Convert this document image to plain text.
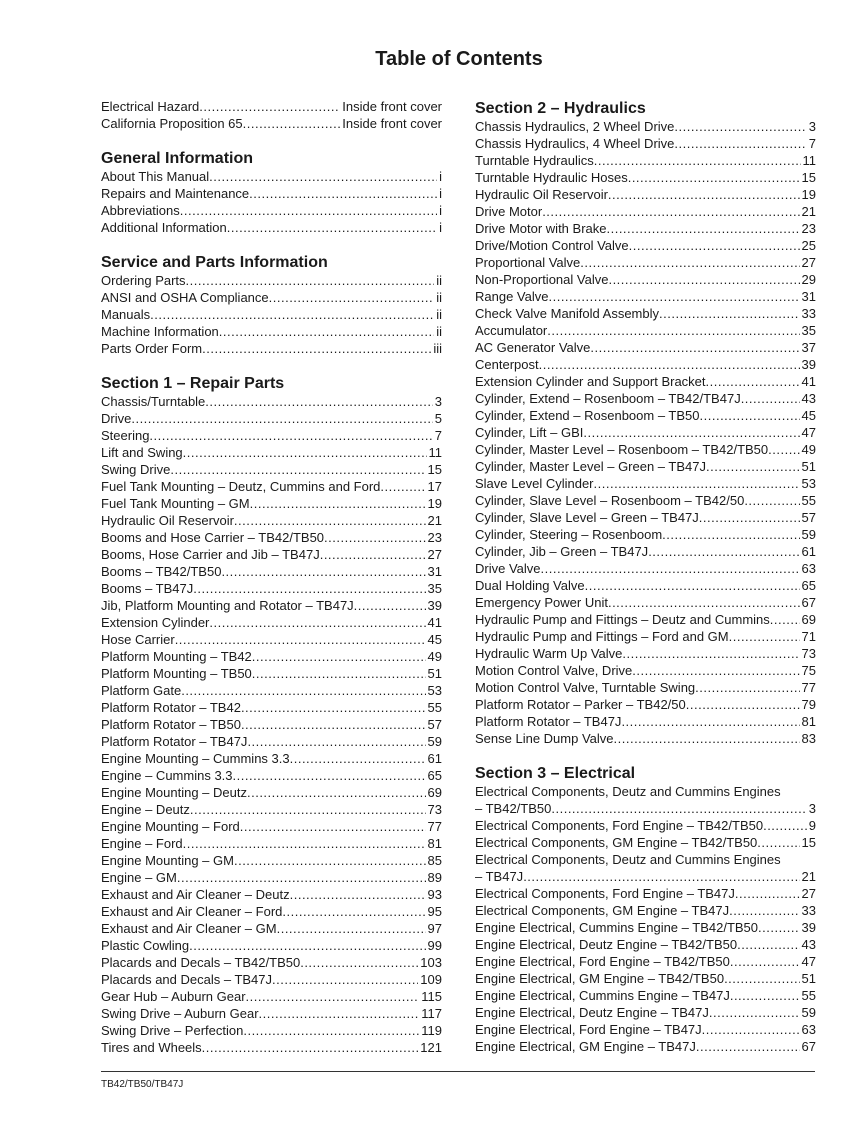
Table of Contents
Electrical Hazard .....	Inside front cover
California Proposition 65 .....	Inside front cover
General Information
About This Manual .....	i
Repairs and Maintenance .....	i
Abbreviations .....	i
Additional Information .....	i
Service and Parts Information
Ordering Parts .....	ii
ANSI and OSHA Compliance .....	ii
Manuals .....	ii
Machine Information .....	ii
Parts Order Form .....	iii
Section 1 – Repair Parts
Chassis/Turntable .....	3
Drive .....	5
Steering .....	7
Lift and Swing .....	11
Swing Drive .....	15
Fuel Tank Mounting – Deutz, Cummins and Ford .....	17
Fuel Tank Mounting – GM .....	19
Hydraulic Oil Reservoir .....	21
Booms and Hose Carrier – TB42/TB50 .....	23
Booms, Hose Carrier and Jib – TB47J .....	27
Booms – TB42/TB50 .....	31
Booms – TB47J .....	35
Jib, Platform Mounting and Rotator – TB47J .....	39
Extension Cylinder .....	41
Hose Carrier .....	45
Platform Mounting – TB42 .....	49
Platform Mounting – TB50 .....	51
Platform Gate .....	53
Platform Rotator – TB42 .....	55
Platform Rotator – TB50 .....	57
Platform Rotator – TB47J .....	59
Engine Mounting – Cummins 3.3 .....	61
Engine – Cummins 3.3 .....	65
Engine Mounting – Deutz .....	69
Engine – Deutz .....	73
Engine Mounting – Ford .....	77
Engine – Ford .....	81
Engine Mounting – GM .....	85
Engine – GM .....	89
Exhaust and Air Cleaner – Deutz .....	93
Exhaust and Air Cleaner – Ford .....	95
Exhaust and Air Cleaner – GM .....	97
Plastic Cowling .....	99
Placards and Decals – TB42/TB50 .....	103
Placards and Decals – TB47J .....	109
Gear Hub – Auburn Gear .....	115
Swing Drive – Auburn Gear .....	117
Swing Drive – Perfection .....	119
Tires and Wheels .....	121
Section 2 – Hydraulics
Chassis Hydraulics, 2 Wheel Drive .....	3
Chassis Hydraulics, 4 Wheel Drive .....	7
Turntable Hydraulics .....	11
Turntable Hydraulic Hoses .....	15
Hydraulic Oil Reservoir .....	19
Drive Motor .....	21
Drive Motor with Brake .....	23
Drive/Motion Control Valve .....	25
Proportional Valve .....	27
Non-Proportional Valve .....	29
Range Valve .....	31
Check Valve Manifold Assembly .....	33
Accumulator .....	35
AC Generator Valve .....	37
Centerpost .....	39
Extension Cylinder and Support Bracket .....	41
Cylinder, Extend – Rosenboom – TB42/TB47J .....	43
Cylinder, Extend – Rosenboom – TB50 .....	45
Cylinder, Lift – GBI .....	47
Cylinder, Master Level – Rosenboom – TB42/TB50 .....	49
Cylinder, Master Level – Green – TB47J .....	51
Slave Level Cylinder .....	53
Cylinder, Slave Level – Rosenboom – TB42/50 .....	55
Cylinder, Slave Level – Green – TB47J .....	57
Cylinder, Steering – Rosenboom .....	59
Cylinder, Jib – Green – TB47J .....	61
Drive Valve .....	63
Dual Holding Valve .....	65
Emergency Power Unit .....	67
Hydraulic Pump and Fittings – Deutz and Cummins ..... 69
Hydraulic Pump and Fittings – Ford and GM .....	71
Hydraulic Warm Up Valve .....	73
Motion Control Valve, Drive .....	75
Motion Control Valve, Turntable Swing .....	77
Platform Rotator – Parker – TB42/50 .....	79
Platform Rotator – TB47J .....	81
Sense Line Dump Valve .....	83
Section 3 – Electrical
Electrical Components, Deutz and Cummins Engines
– TB42/TB50 .....	3
Electrical Components, Ford Engine – TB42/TB50 .....	9
Electrical Components, GM Engine – TB42/TB50 .....	15
Electrical Components, Deutz and Cummins Engines
– TB47J .....	21
Electrical Components, Ford Engine – TB47J .....	27
Electrical Components, GM Engine – TB47J .....	33
Engine Electrical, Cummins Engine – TB42/TB50 .....	39
Engine Electrical, Deutz Engine – TB42/TB50 .....	43
Engine Electrical, Ford Engine – TB42/TB50 .....	47
Engine Electrical, GM Engine – TB42/TB50 .....	51
Engine Electrical, Cummins Engine – TB47J .....	55
Engine Electrical, Deutz Engine – TB47J .....	59
Engine Electrical, Ford Engine – TB47J .....	63
Engine Electrical, GM Engine – TB47J .....	67
TB42/TB50/TB47J
